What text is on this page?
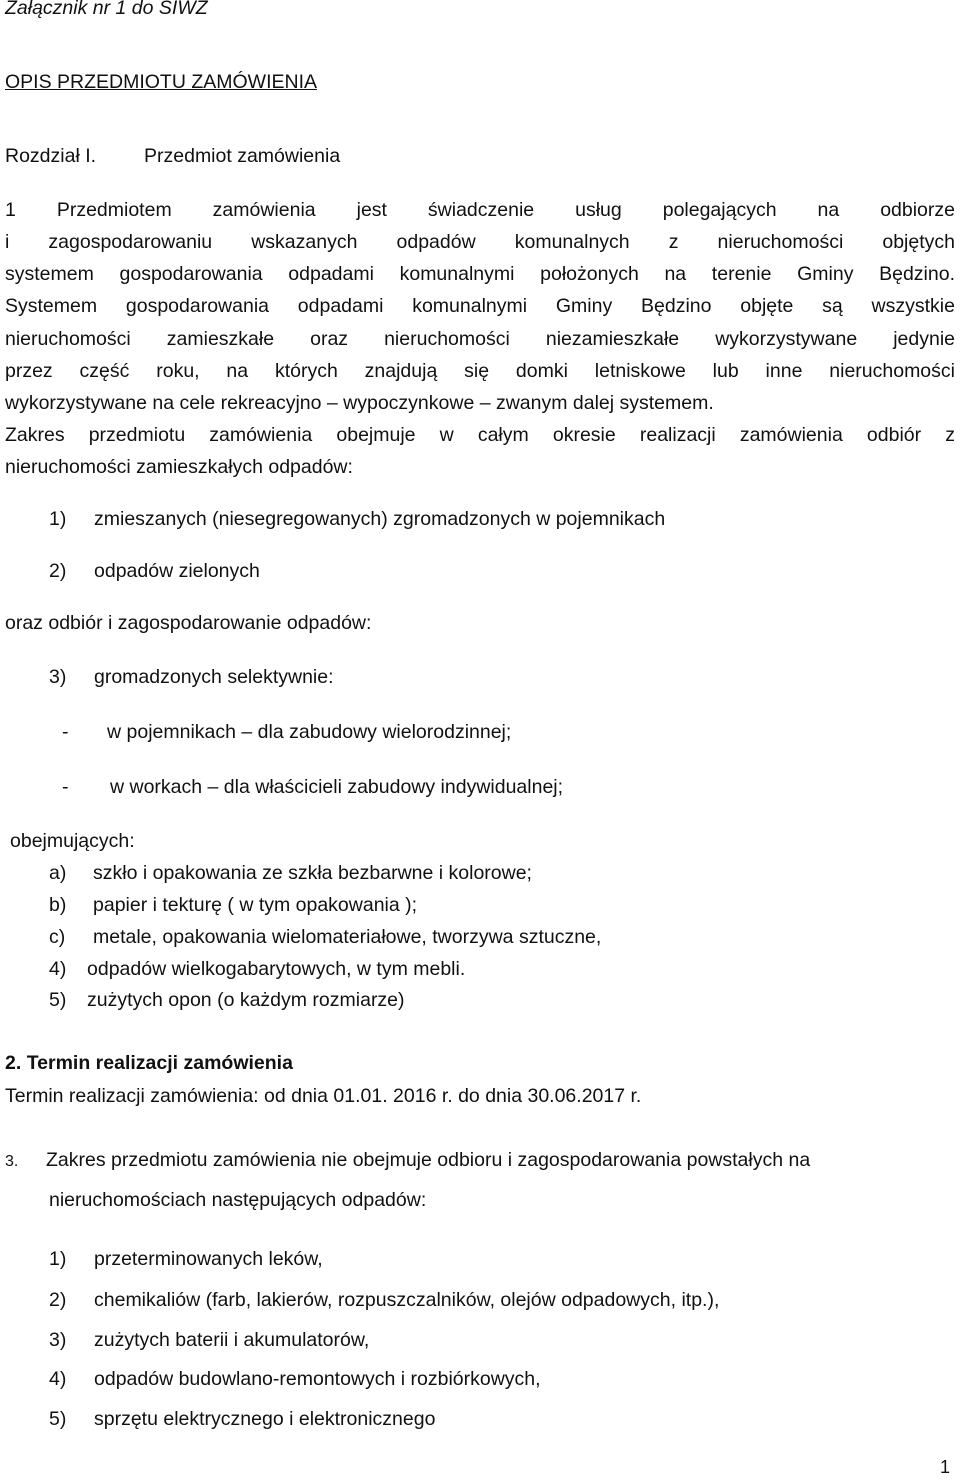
Załącznik nr 1 do SIWZ
OPIS PRZEDMIOTU ZAMÓWIENIA
Rozdział I. Przedmiot zamówienia
1 Przedmiotem zamówienia jest świadczenie usług polegających na odbiorze
i zagospodarowaniu wskazanych odpadów komunalnych z nieruchomości objętych
systemem gospodarowania odpadami komunalnymi położonych na terenie Gminy Będzino.
Systemem gospodarowania odpadami komunalnymi Gminy Będzino objęte są wszystkie
nieruchomości zamieszkałe oraz nieruchomości niezamieszkałe wykorzystywane jedynie
przez część roku, na których znajdują się domki letniskowe lub inne nieruchomości
wykorzystywane na cele rekreacyjno – wypoczynkowe – zwanym dalej systemem.
Zakres przedmiotu zamówienia obejmuje w całym okresie realizacji zamówienia odbiór z
nieruchomości zamieszkałych odpadów:
1) zmieszanych (niesegregowanych) zgromadzonych w pojemnikach
2) odpadów zielonych
oraz odbiór i zagospodarowanie odpadów:
3) gromadzonych selektywnie:
- w pojemnikach – dla zabudowy wielorodzinnej;
- w workach – dla właścicieli zabudowy indywidualnej;
obejmujących:
a) szkło i opakowania ze szkła bezbarwne i kolorowe;
b) papier i tekturę ( w tym opakowania );
c) metale, opakowania wielomateriałowe, tworzywa sztuczne,
4) odpadów wielkogabarytowych, w tym mebli.
5) zużytych opon (o każdym rozmiarze)
2. Termin realizacji zamówienia
Termin realizacji zamówienia: od dnia 01.01. 2016 r. do dnia 30.06.2017 r.
3. Zakres przedmiotu zamówienia nie obejmuje odbioru i zagospodarowania powstałych na
nieruchomościach następujących odpadów:
1) przeterminowanych leków,
2) chemikaliów (farb, lakierów, rozpuszczalników, olejów odpadowych, itp.),
3) zużytych baterii i akumulatorów,
4) odpadów budowlano-remontowych i rozbiórkowych,
5) sprzętu elektrycznego i elektronicznego
1
